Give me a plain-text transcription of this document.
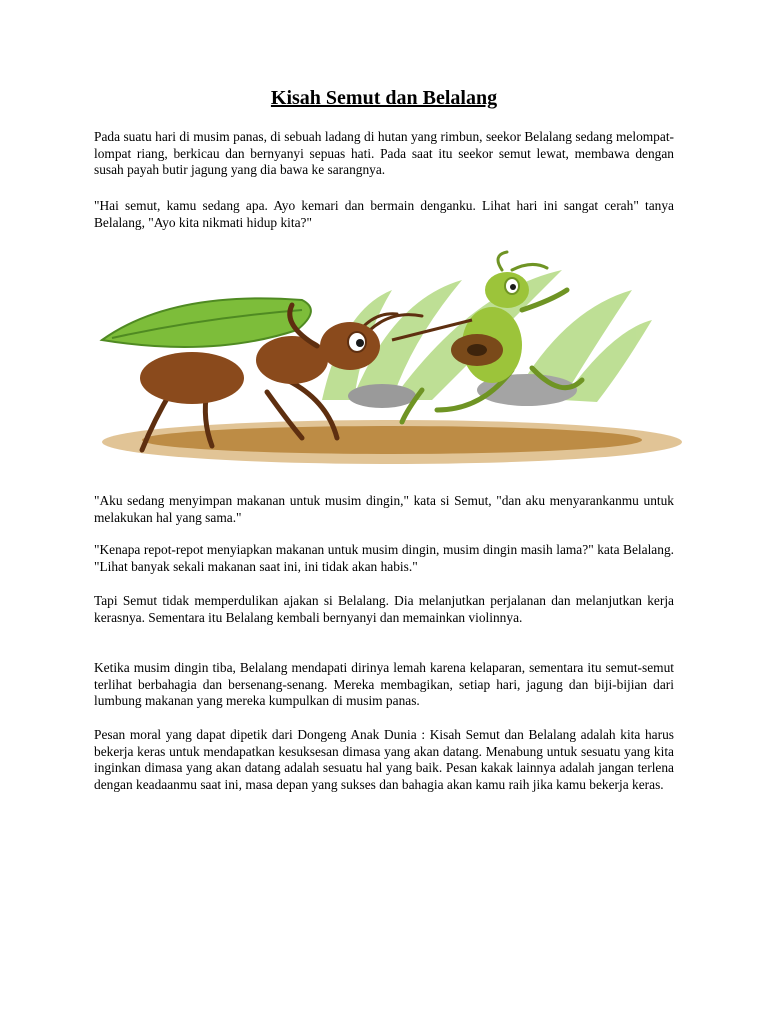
Kisah Semut dan Belalang

Pada suatu hari di musim panas, di sebuah ladang di hutan yang rimbun, seekor Belalang sedang melompat-lompat riang, berkicau dan bernyanyi sepuas hati. Pada saat itu seekor semut lewat, membawa dengan susah payah butir jagung yang dia bawa ke sarangnya.

"Hai semut, kamu sedang apa. Ayo kemari dan bermain denganku. Lihat hari ini sangat cerah" tanya Belalang, "Ayo kita nikmati hidup kita?"

"Aku sedang menyimpan makanan untuk musim dingin," kata si Semut, "dan aku menyarankanmu untuk melakukan hal yang sama."

"Kenapa repot-repot menyiapkan makanan untuk musim dingin, musim dingin masih lama?" kata Belalang. "Lihat banyak sekali makanan saat ini, ini tidak akan habis."

Tapi Semut tidak memperdulikan ajakan si Belalang. Dia melanjutkan perjalanan dan melanjutkan kerja kerasnya. Sementara itu Belalang kembali bernyanyi dan memainkan violinnya.

Ketika musim dingin tiba, Belalang mendapati dirinya lemah karena kelaparan, sementara itu semut-semut terlihat berbahagia dan bersenang-senang. Mereka membagikan, setiap hari, jagung dan biji-bijian dari lumbung makanan yang mereka kumpulkan di musim panas.

Pesan moral yang dapat dipetik dari Dongeng Anak Dunia : Kisah Semut dan Belalang adalah kita harus bekerja keras untuk mendapatkan kesuksesan dimasa yang akan datang. Menabung untuk sesuatu yang kita inginkan dimasa yang akan datang adalah sesuatu hal yang baik. Pesan kakak lainnya adalah jangan terlena dengan keadaanmu saat ini, masa depan yang sukses dan bahagia akan kamu raih jika kamu bekerja keras.
